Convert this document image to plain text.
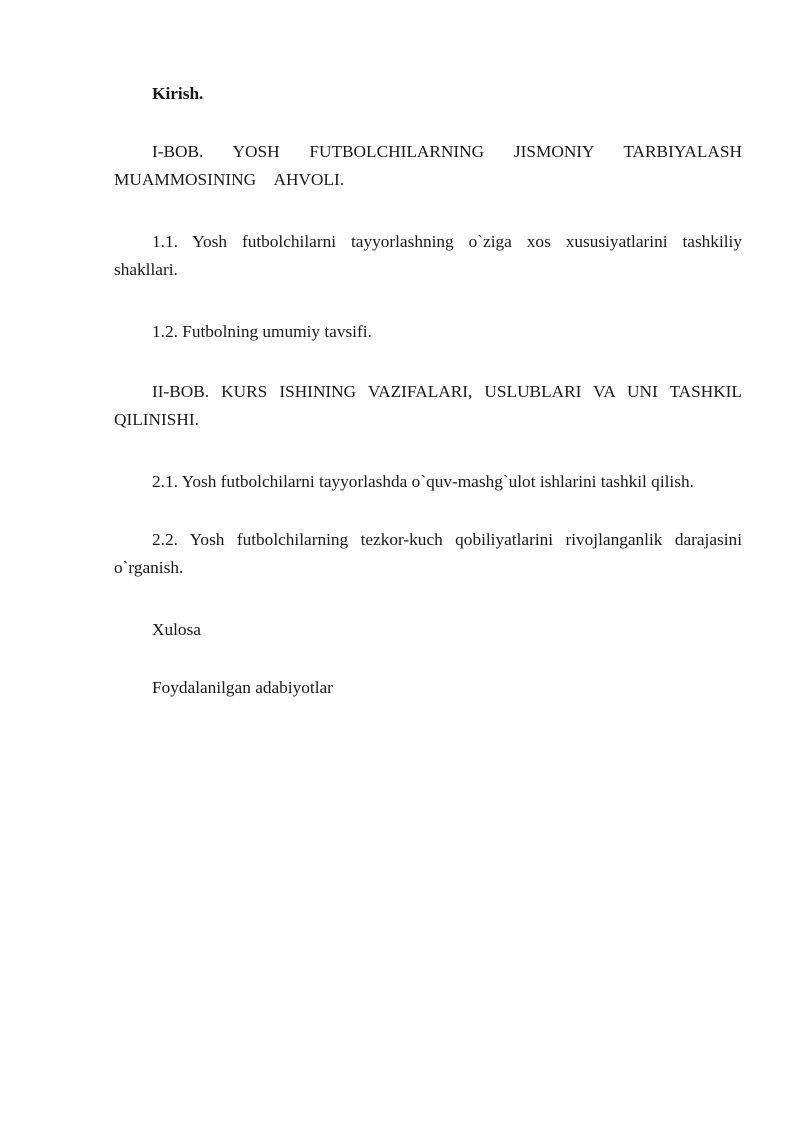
Kirish.

I-BOB. YOSH FUTBOLCHILARNING JISMONIY TARBIYALASH MUAMMOSINING AHVOLI.

1.1. Yosh futbolchilarni tayyorlashning o`ziga xos xususiyatlarini tashkiliy shakllari.

1.2. Futbolning umumiy tavsifi.

II-BOB. KURS ISHINING VAZIFALARI, USLUBLARI VA UNI TASHKIL QILINISHI.

2.1. Yosh futbolchilarni tayyorlashda o`quv-mashg`ulot ishlarini tashkil qilish.

2.2. Yosh futbolchilarning tezkor-kuch qobiliyatlarini rivojlanganlik darajasini o`rganish.

Xulosa

Foydalanilgan adabiyotlar
